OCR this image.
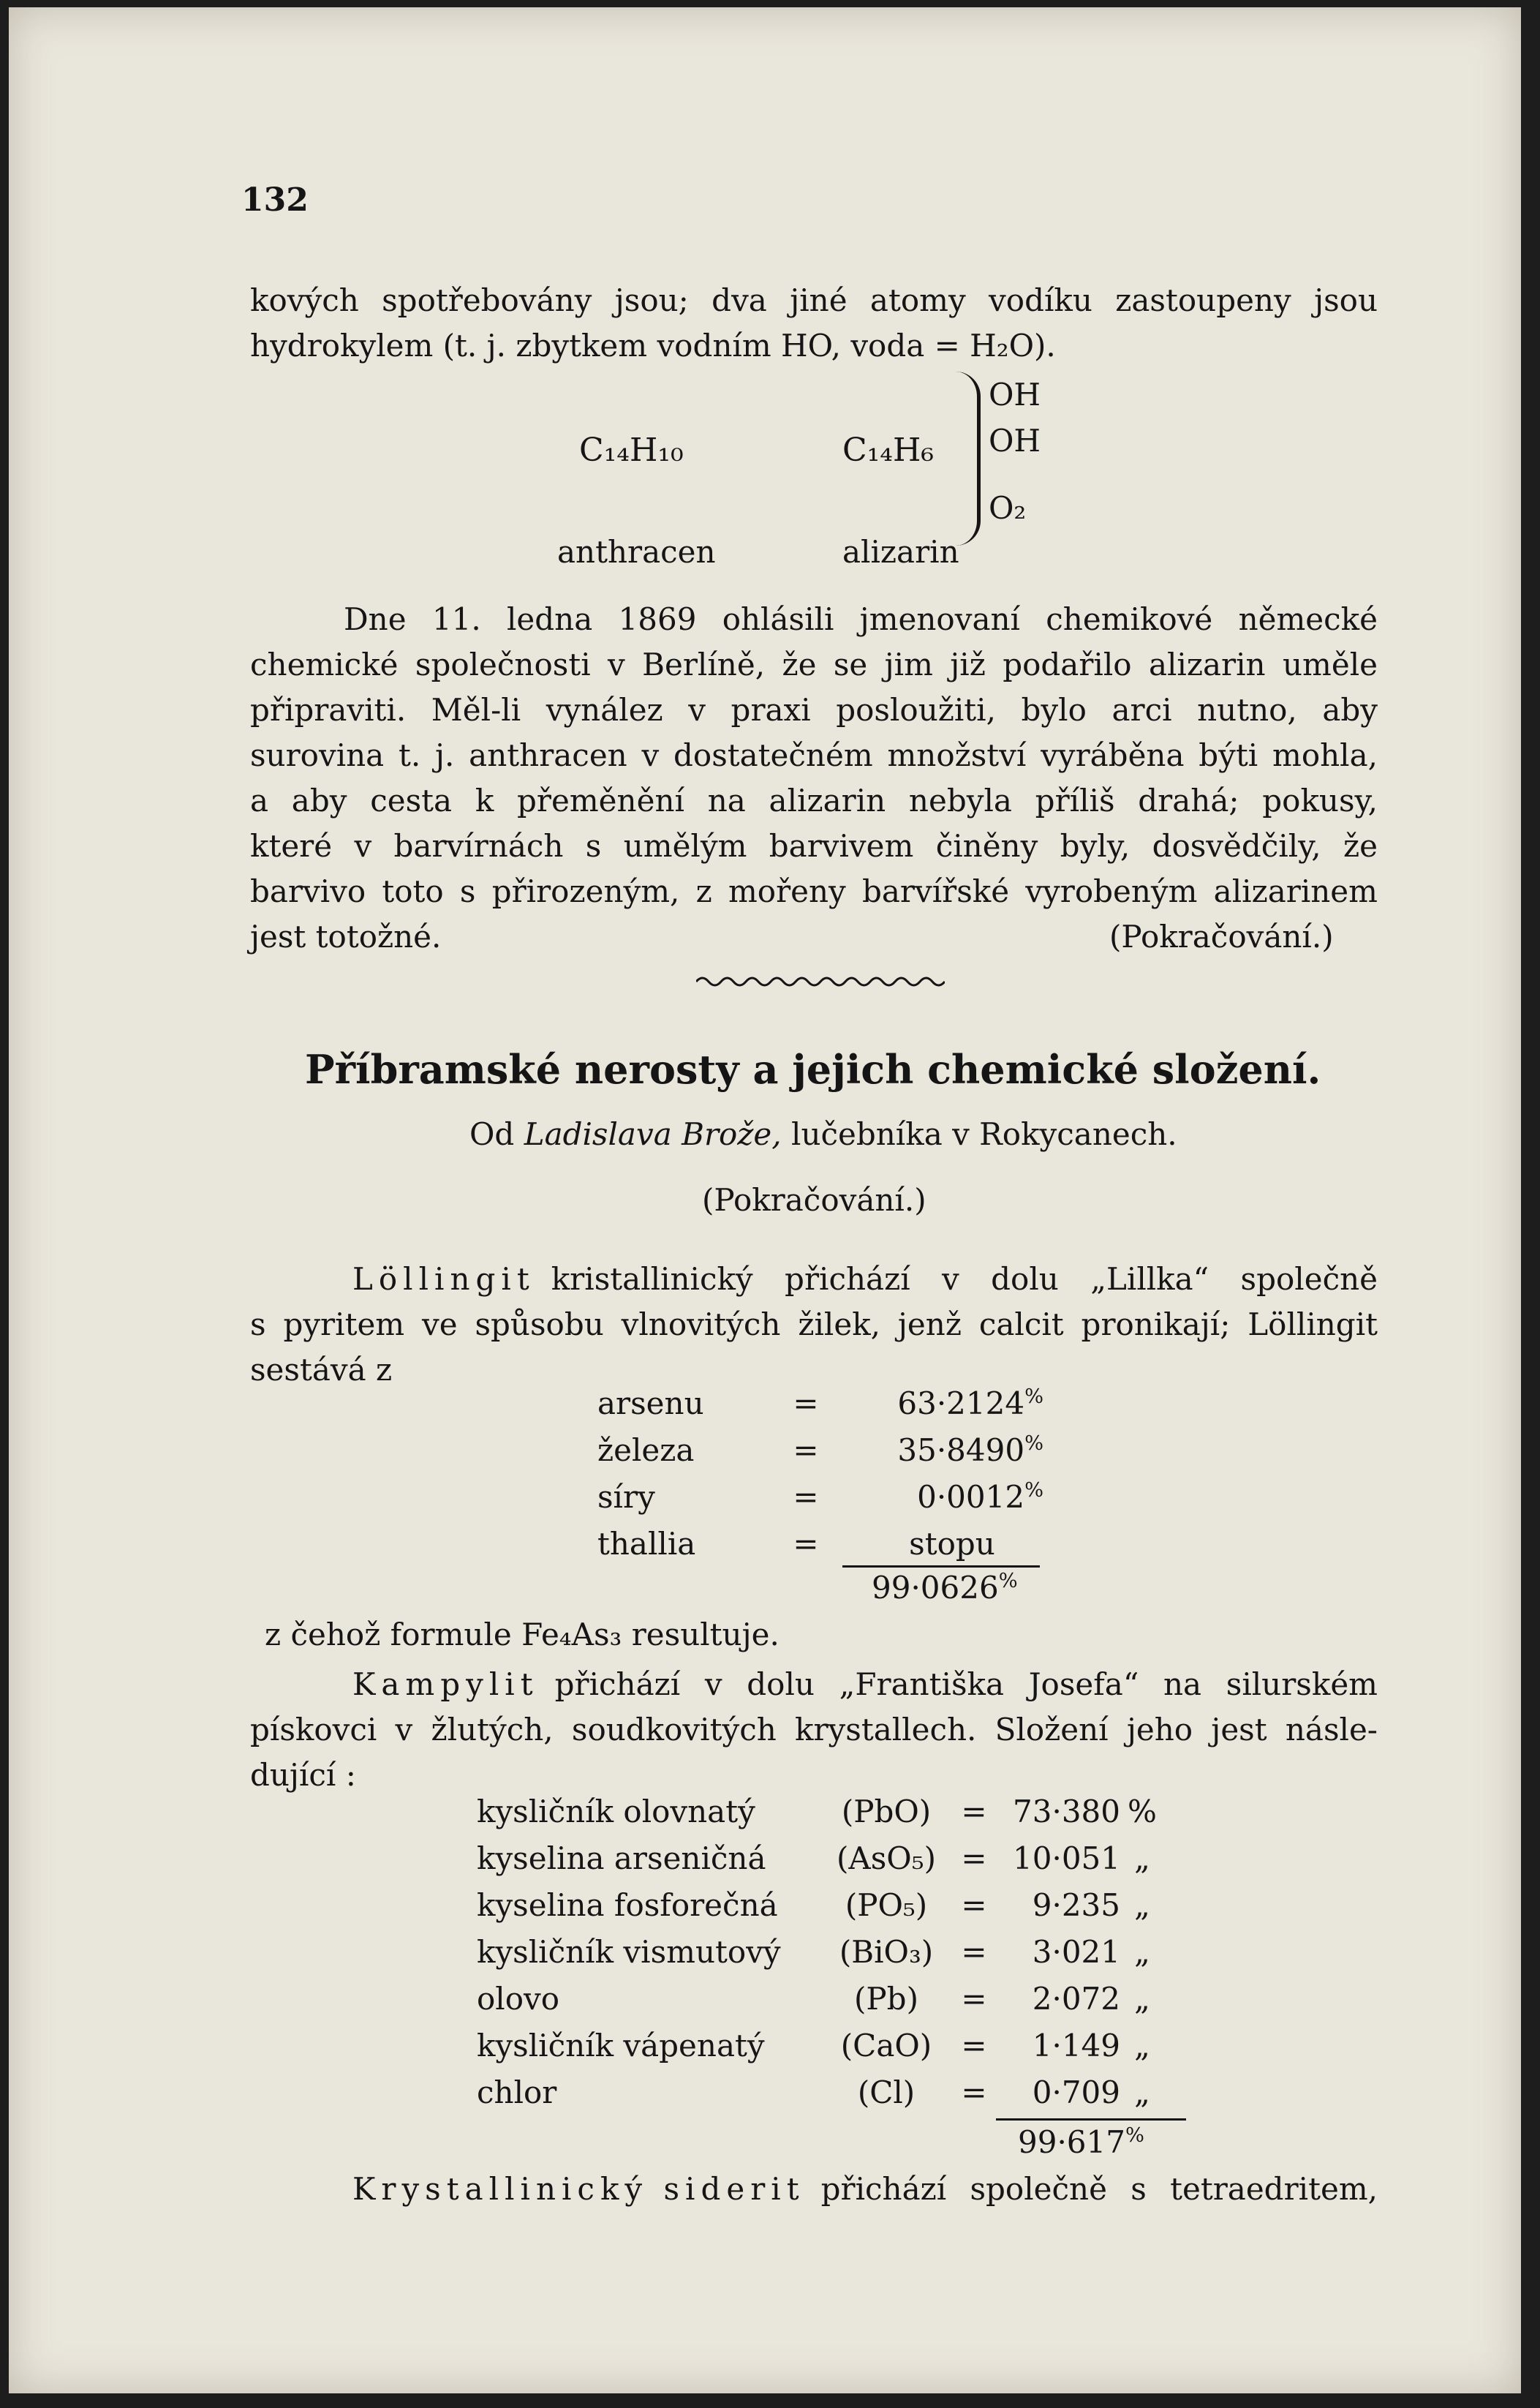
132
kových spotřebovány jsou; dva jiné atomy vodíku zastoupeny jsou
hydrokylem (t. j. zbytkem vodním HO, voda = H₂O).
C₁₄H₁₀	C₁₄H₆
OH
OH
O₂
anthracen	alizarin
Dne 11. ledna 1869 ohlásili jmenovaní chemikové německé
chemické společnosti v Berlíně, že se jim již podařilo alizarin uměle
připraviti. Měl-li vynález v praxi posloužiti, bylo arci nutno, aby
surovina t. j. anthracen v dostatečném množství vyráběna býti mohla,
a aby cesta k přeměnění na alizarin nebyla příliš drahá; pokusy,
které v barvírnách s umělým barvivem činěny byly, dosvědčily, že
barvivo toto s přirozeným, z mořeny barvířské vyrobeným alizarinem
jest totožné.	(Pokračování.)
Příbramské nerosty a jejich chemické složení.
Od Ladislava Brože, lučebníka v Rokycanech.
(Pokračování.)
Löllingit kristallinický přichází v dolu „Lillka“ společně
s pyritem ve spůsobu vlnovitých žilek, jenž calcit pronikají; Löllingit
sestává z
arsenu	=	63·2124%
železa	=	35·8490%
síry	=	0·0012%
thallia	=	stopu
99·0626%
z čehož formule Fe₄As₃ resultuje.
Kampylit přichází v dolu „Františka Josefa“ na silurském
pískovci v žlutých, soudkovitých krystallech. Složení jeho jest násle-
dující :
kysličník olovnatý	(PbO)	=	73·380	%
kyselina arseničná	(AsO₅)	=	10·051	„
kyselina fosforečná	(PO₅)	=	9·235	„
kysličník vismutový	(BiO₃)	=	3·021	„
olovo	(Pb)	=	2·072	„
kysličník vápenatý	(CaO)	=	1·149	„
chlor	(Cl)	=	0·709	„
99·617%
Krystallinický siderit přichází společně s tetraedritem,
